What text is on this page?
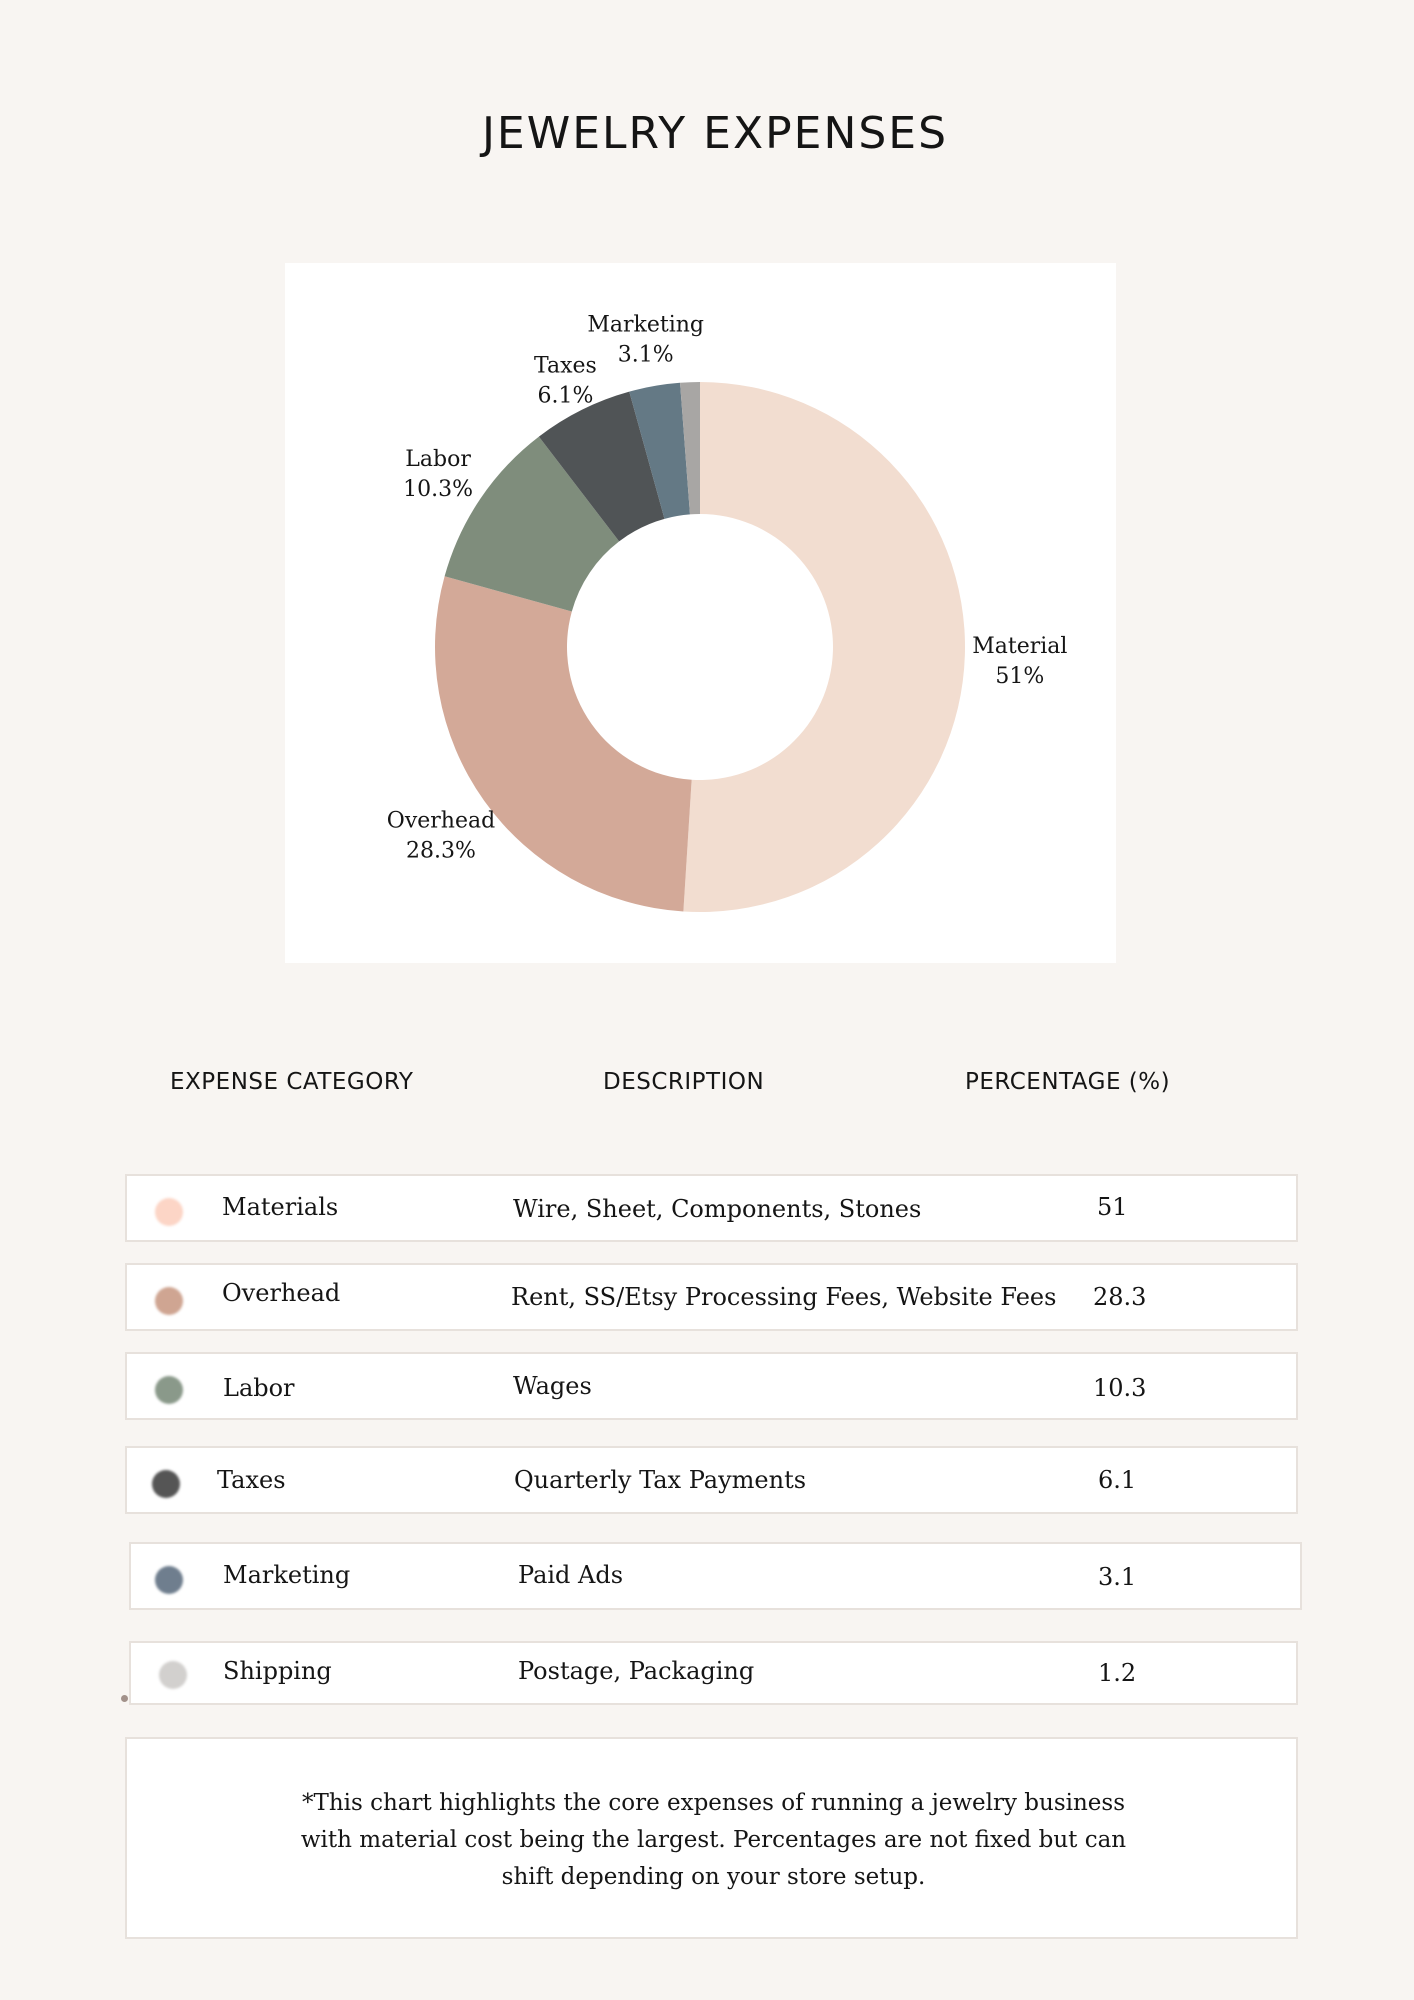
JEWELRY EXPENSES
Material
51%
Overhead
28.3%
Labor
10.3%
Taxes
6.1%
Marketing
3.1%
EXPENSE CATEGORY	DESCRIPTION	PERCENTAGE (%)
Materials	Wire, Sheet, Components, Stones	51
Overhead	Rent, SS/Etsy Processing Fees, Website Fees 28.3
Labor	Wages	10.3
Taxes	Quarterly Tax Payments	6.1
Marketing	Paid Ads	3.1
Shipping	Postage, Packaging	1.2
*This chart highlights the core expenses of running a jewelry business with material cost being the largest. Percentages are not fixed but can shift depending on your store setup.
